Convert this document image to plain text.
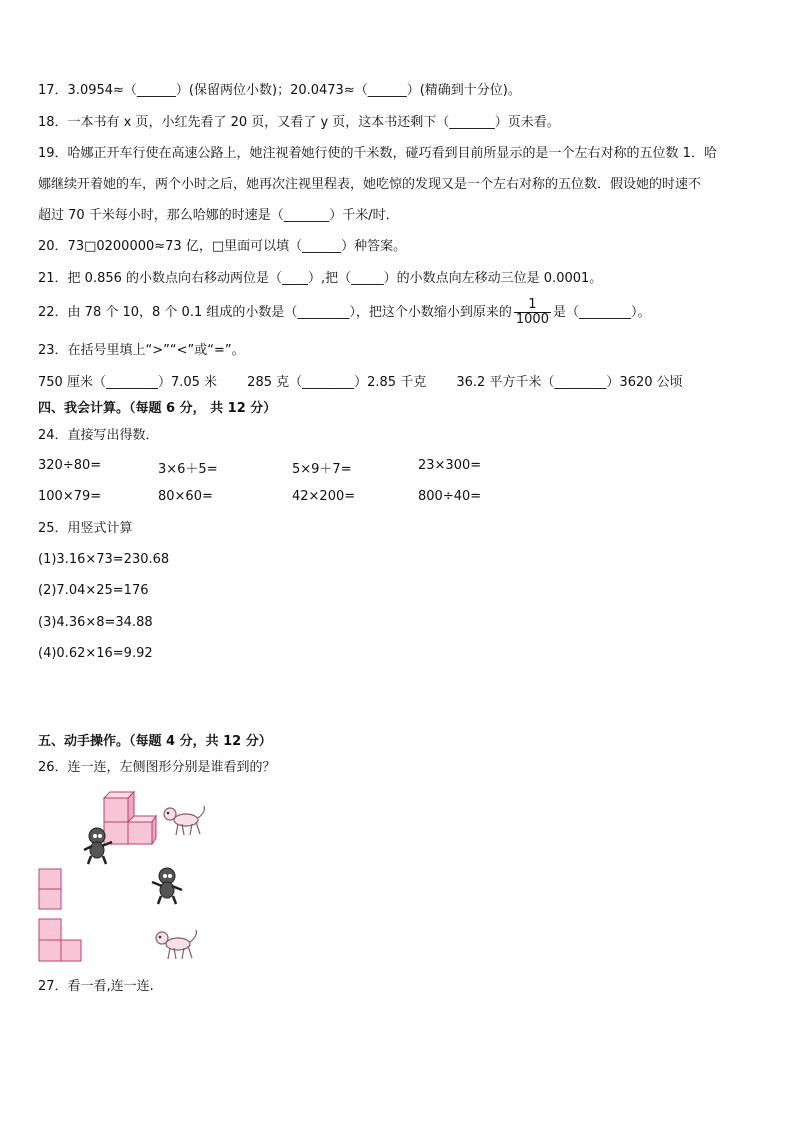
17．3.0954≈（______）(保留两位小数)；20.0473≈（______）(精确到十分位)。
18．一本书有 x 页，小红先看了 20 页，又看了 y 页，这本书还剩下（_______）页未看。
19．哈娜正开车行使在高速公路上，她注视着她行使的千米数，碰巧看到目前所显示的是一个左右对称的五位数 1．哈
娜继续开着她的车，两个小时之后，她再次注视里程表，她吃惊的发现又是一个左右对称的五位数．假设她的时速不
超过 70 千米每小时，那么哈娜的时速是（_______）千米/时．
20．73□0200000≈73 亿，□里面可以填（______）种答案。
21．把 0.856 的小数点向右移动两位是（____）,把（_____）的小数点向左移动三位是 0.0001。
22．由 78 个 10，8 个 0.1 组成的小数是（________），把这个小数缩小到原来的 $\frac{1}{1000}$ 是（________）。
23．在括号里填上“>”“<”或“=”。
750 厘米（________）7.05 米 285 克（________）2.85 千克 36.2 平方千米（________）3620 公顷
四、我会计算。（每题 6 分， 共 12 分）
24．直接写出得数．
320÷80=	3×6＋5=	5×9＋7=	23×300=
100×79=	80×60=	42×200=	800÷40=
25．用竖式计算
(1)3.16×73=230.68
(2)7.04×25=176
(3)4.36×8=34.88
(4)0.62×16=9.92
五、动手操作。（每题 4 分，共 12 分）
26．连一连，左侧图形分别是谁看到的？
27．看一看,连一连.
